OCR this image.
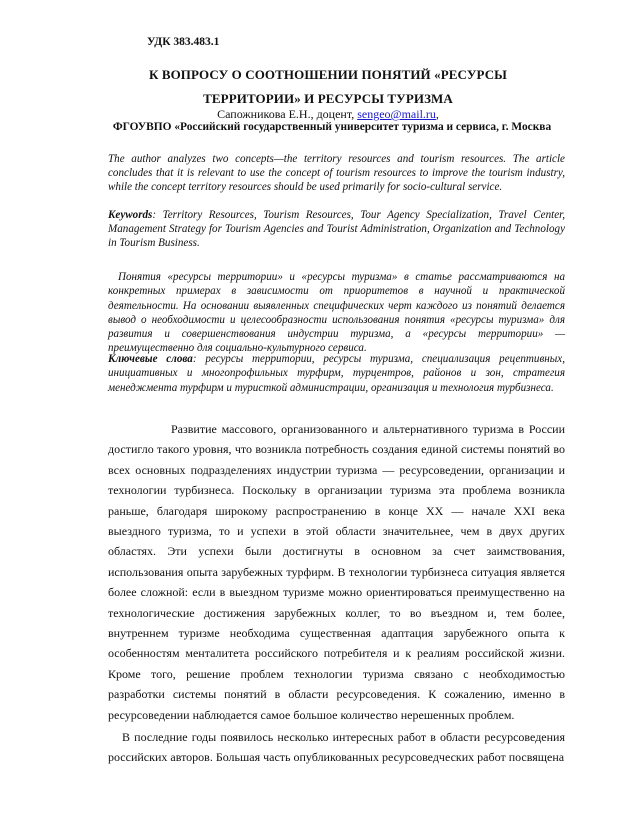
УДК 383.483.1
К ВОПРОСУ О СООТНОШЕНИИ ПОНЯТИЙ «РЕСУРСЫ
ТЕРРИТОРИИ» И РЕСУРСЫ ТУРИЗМА
Сапожникова Е.Н., доцент, sengeo@mail.ru,
ФГОУВПО «Российский государственный университет туризма и сервиса, г. Москва
The author analyzes two concepts—the territory resources and tourism resources. The article concludes that it is relevant to use the concept of tourism resources to improve the tourism industry, while the concept territory resources should be used primarily for socio-cultural service.
Keywords: Territory Resources, Tourism Resources, Tour Agency Specialization, Travel Center, Management Strategy for Tourism Agencies and Tourist Administration, Organization and Technology in Tourism Business.
Понятия «ресурсы территории» и «ресурсы туризма» в статье рассматриваются на конкретных примерах в зависимости от приоритетов в научной и практической деятельности. На основании выявленных специфических черт каждого из понятий делается вывод о необходимости и целесообразности использования понятия «ресурсы туризма» для развития и совершенствования индустрии туризма, а «ресурсы территории» — преимущественно для социально-культурного сервиса.
Ключевые слова: ресурсы территории, ресурсы туризма, специализация рецептивных, инициативных и многопрофильных турфирм, турцентров, районов и зон, стратегия менеджмента турфирм и туристкой администрации, организация и технология турбизнеса.
Развитие массового, организованного и альтернативного туризма в России достигло такого уровня, что возникла потребность создания единой системы понятий во всех основных подразделениях индустрии туризма — ресурсоведении, организации и технологии турбизнеса. Поскольку в организации туризма эта проблема возникла раньше, благодаря широкому распространению в конце XX — начале XXI века выездного туризма, то и успехи в этой области значительнее, чем в двух других областях. Эти успехи были достигнуты в основном за счет заимствования, использования опыта зарубежных турфирм. В технологии турбизнеса ситуация является более сложной: если в выездном туризме можно ориентироваться преимущественно на технологические достижения зарубежных коллег, то во въездном и, тем более, внутреннем туризме необходима существенная адаптация зарубежного опыта к особенностям менталитета российского потребителя и к реалиям российской жизни. Кроме того, решение проблем технологии туризма связано с необходимостью разработки системы понятий в области ресурсоведения. К сожалению, именно в ресурсоведении наблюдается самое большое количество нерешенных проблем.
В последние годы появилось несколько интересных работ в области ресурсоведения российских авторов. Большая часть опубликованных ресурсоведческих работ посвящена
